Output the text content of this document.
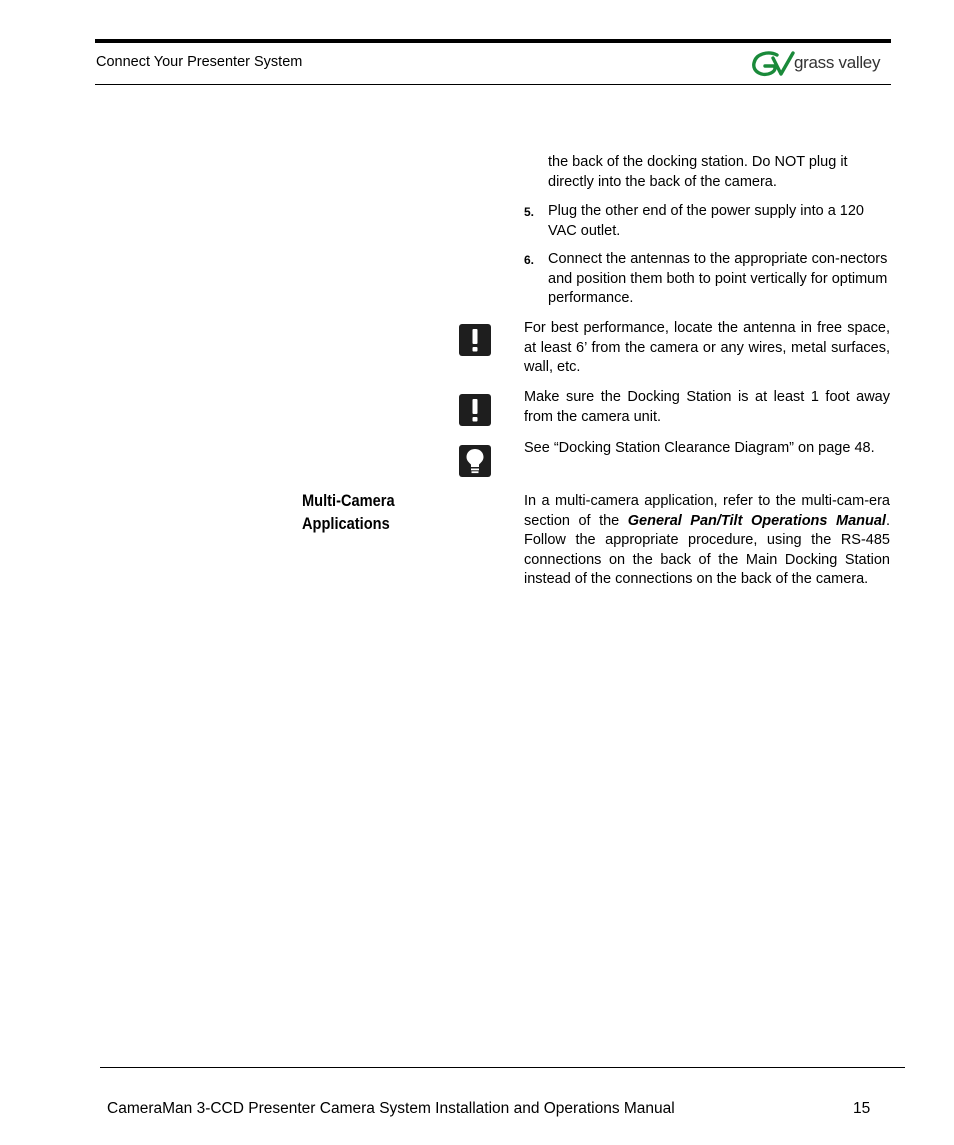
Connect Your Presenter System	grass valley
the back of the docking station. Do NOT plug it directly into the back of the camera.
5. Plug the other end of the power supply into a 120 VAC outlet.
6. Connect the antennas to the appropriate con-nectors and position them both to point vertically for optimum performance.
For best performance, locate the antenna in free space, at least 6’ from the camera or any wires, metal surfaces, wall, etc.
Make sure the Docking Station is at least 1 foot away from the camera unit.
See “Docking Station Clearance Diagram” on page 48.
Multi-Camera
Applications
In a multi-camera application, refer to the multi-cam-era section of the General Pan/Tilt Operations Manual. Follow the appropriate procedure, using the RS-485 connections on the back of the Main Docking Station instead of the connections on the back of the camera.
CameraMan 3-CCD Presenter Camera System Installation and Operations Manual	15
